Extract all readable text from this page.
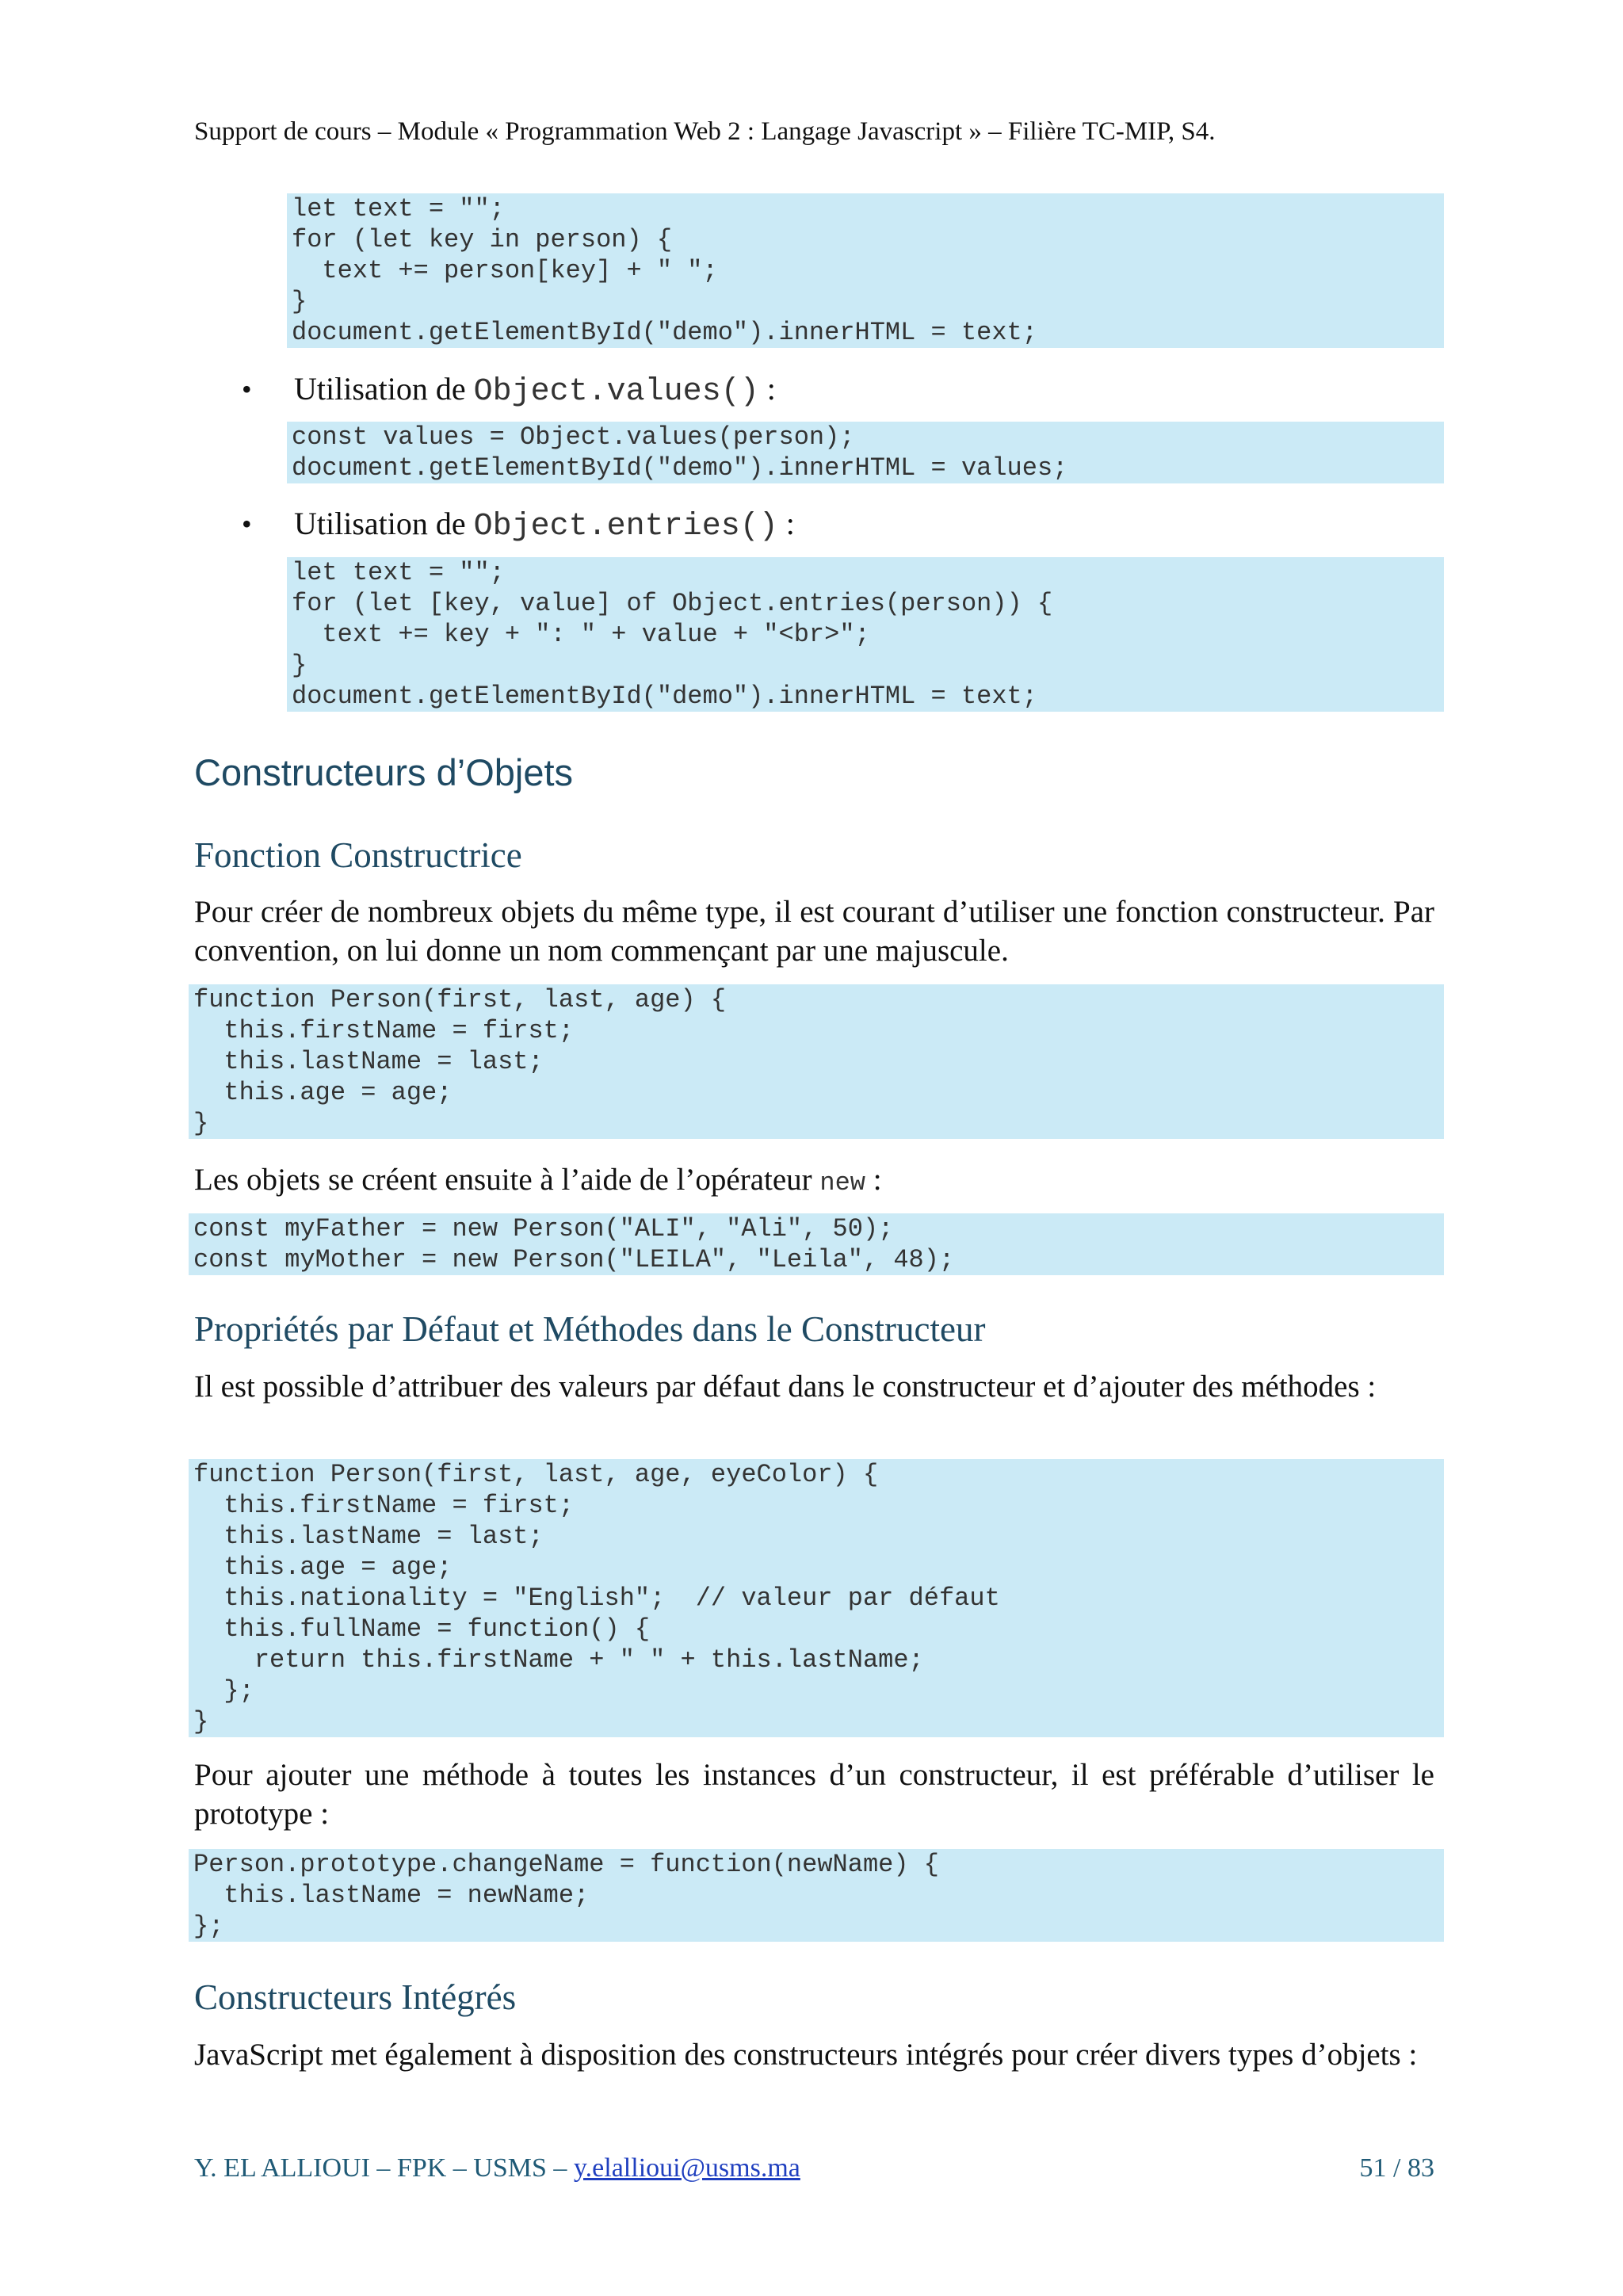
Support de cours – Module « Programmation Web 2 : Langage Javascript » – Filière TC-MIP, S4.
let text = "";
for (let key in person) {
text += person[key] + " ";
}
document.getElementById("demo").innerHTML = text;
• Utilisation de Object.values() :
const values = Object.values(person);
document.getElementById("demo").innerHTML = values;
• Utilisation de Object.entries() :
let text = "";
for (let [key, value] of Object.entries(person)) {
text += key + ": " + value + "<br>";
}
document.getElementById("demo").innerHTML = text;
Constructeurs d’Objets
Fonction Constructrice
Pour créer de nombreux objets du même type, il est courant d’utiliser une fonction constructeur. Par convention, on lui donne un nom commençant par une majuscule.
function Person(first, last, age) {
this.firstName = first;
this.lastName = last;
this.age = age;
}
Les objets se créent ensuite à l’aide de l’opérateur new :
const myFather = new Person("ALI", "Ali", 50);
const myMother = new Person("LEILA", "Leila", 48);
Propriétés par Défaut et Méthodes dans le Constructeur
Il est possible d’attribuer des valeurs par défaut dans le constructeur et d’ajouter des méthodes :
function Person(first, last, age, eyeColor) {
this.firstName = first;
this.lastName = last;
this.age = age;
this.nationality = "English";  // valeur par défaut
this.fullName = function() {
return this.firstName + " " + this.lastName;
};
}
Pour ajouter une méthode à toutes les instances d’un constructeur, il est préférable d’utiliser le prototype :
Person.prototype.changeName = function(newName) {
this.lastName = newName;
};
Constructeurs Intégrés
JavaScript met également à disposition des constructeurs intégrés pour créer divers types d’objets :
Y. EL ALLIOUI – FPK – USMS – y.elallioui@usms.ma	51 / 83
